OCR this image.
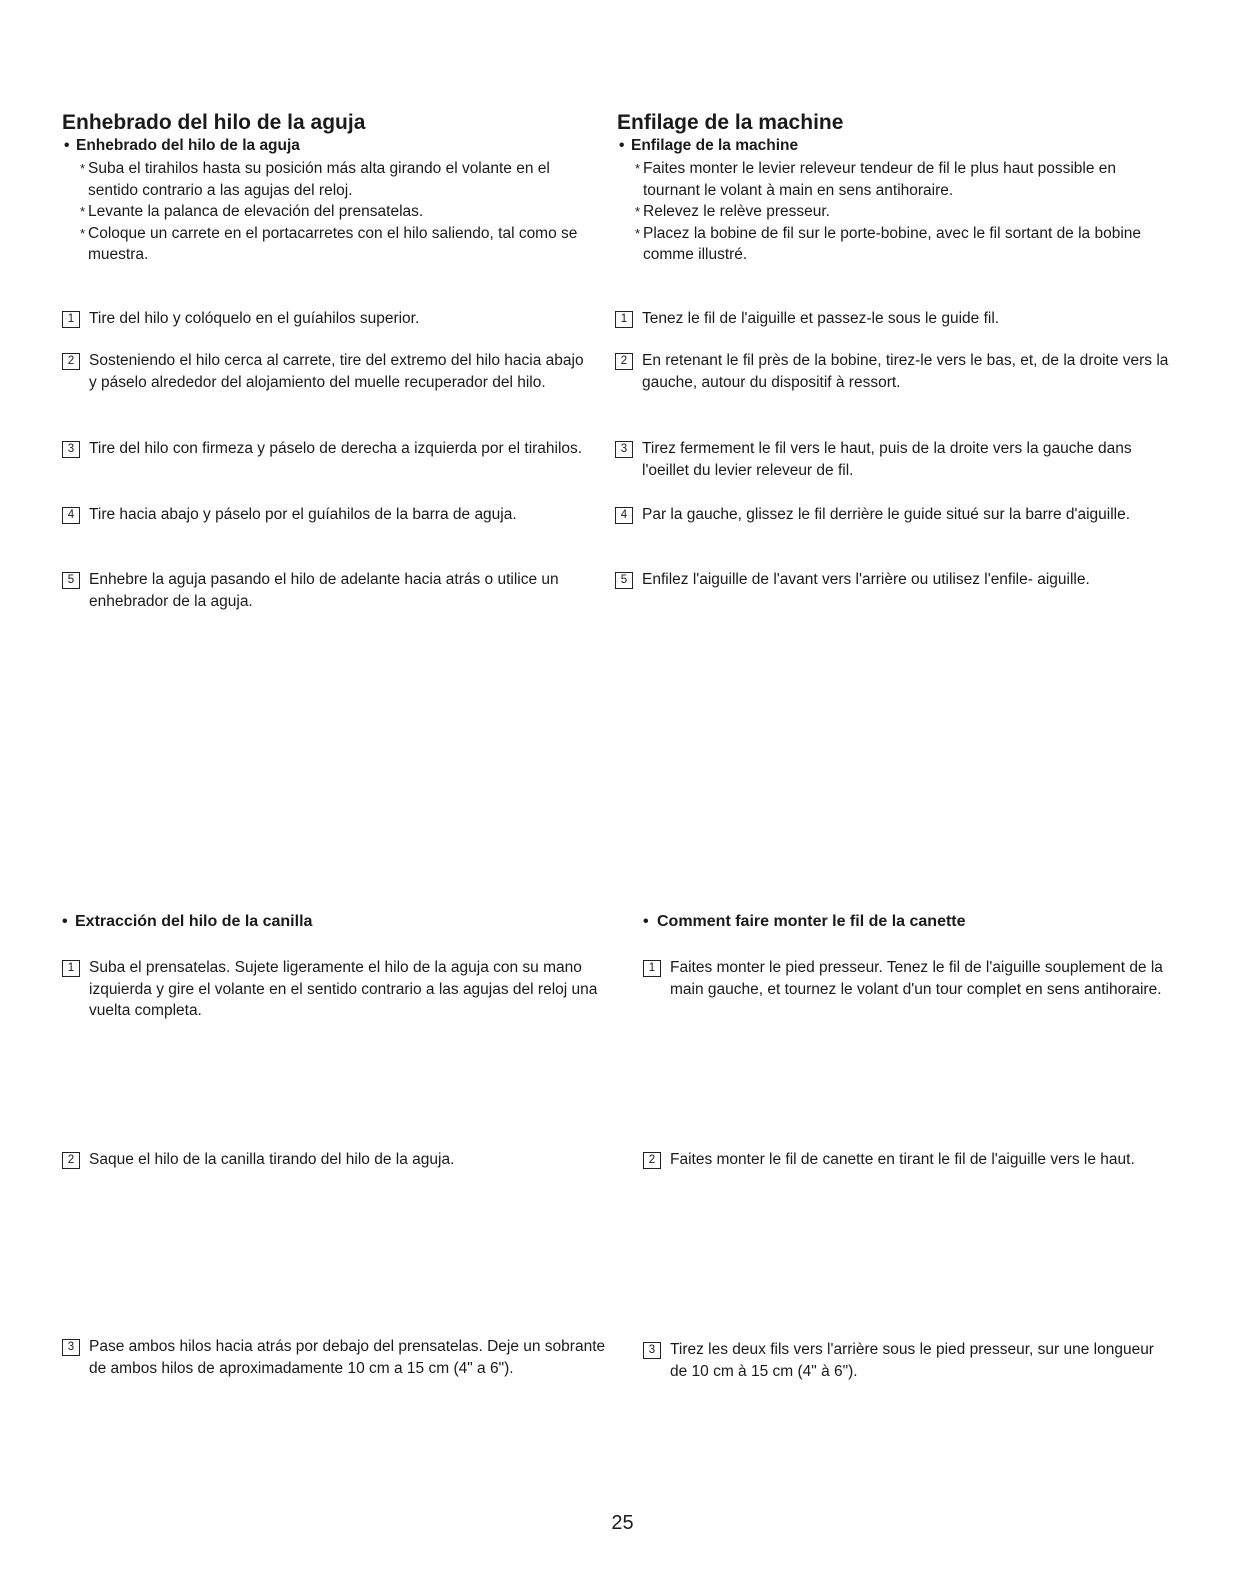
Enhebrado del hilo de la aguja

• Enhebrado del hilo de la aguja

* Suba el tirahilos hasta su posición más alta girando el volante en el sentido contrario a las agujas del reloj.
* Levante la palanca de elevación del prensatelas.
* Coloque un carrete en el portacarretes con el hilo saliendo, tal como se muestra.
1 Tire del hilo y colóquelo en el guíahilos superior.
2 Sosteniendo el hilo cerca al carrete, tire del extremo del hilo hacia abajo y páselo alrededor del alojamiento del muelle recuperador del hilo.
3 Tire del hilo con firmeza y páselo de derecha a izquierda por el tirahilos.
4 Tire hacia abajo y páselo por el guíahilos de la barra de aguja.
5 Enhebre la aguja pasando el hilo de adelante hacia atrás o utilice un enhebrador de la aguja.
• Extracción del hilo de la canilla
1 Suba el prensatelas. Sujete ligeramente el hilo de la aguja con su mano izquierda y gire el volante en el sentido contrario a las agujas del reloj una vuelta completa.
2 Saque el hilo de la canilla tirando del hilo de la aguja.
3 Pase ambos hilos hacia atrás por debajo del prensatelas. Deje un sobrante de ambos hilos de aproximadamente 10 cm a 15 cm (4" a 6").
Enfilage de la machine

• Enfilage de la machine

* Faites monter le levier releveur tendeur de fil le plus haut possible en tournant le volant à main en sens antihoraire.
* Relevez le relève presseur.
* Placez la bobine de fil sur le porte-bobine, avec le fil sortant de la bobine comme illustré.
1 Tenez le fil de l'aiguille et passez-le sous le guide fil.
2 En retenant le fil près de la bobine, tirez-le vers le bas, et, de la droite vers la gauche, autour du dispositif à ressort.
3 Tirez fermement le fil vers le haut, puis de la droite vers la gauche dans l'oeillet du levier releveur de fil.
4 Par la gauche, glissez le fil derrière le guide situé sur la barre d'aiguille.
5 Enfilez l'aiguille de l'avant vers l'arrière ou utilisez l'enfile- aiguille.
• Comment faire monter le fil de la canette
1 Faites monter le pied presseur. Tenez le fil de l'aiguille souplement de la main gauche, et tournez le volant d'un tour complet en sens antihoraire.
2 Faites monter le fil de canette en tirant le fil de l'aiguille vers le haut.
3 Tirez les deux fils vers l'arrière sous le pied presseur, sur une longueur de 10 cm à 15 cm (4" à 6").
25
